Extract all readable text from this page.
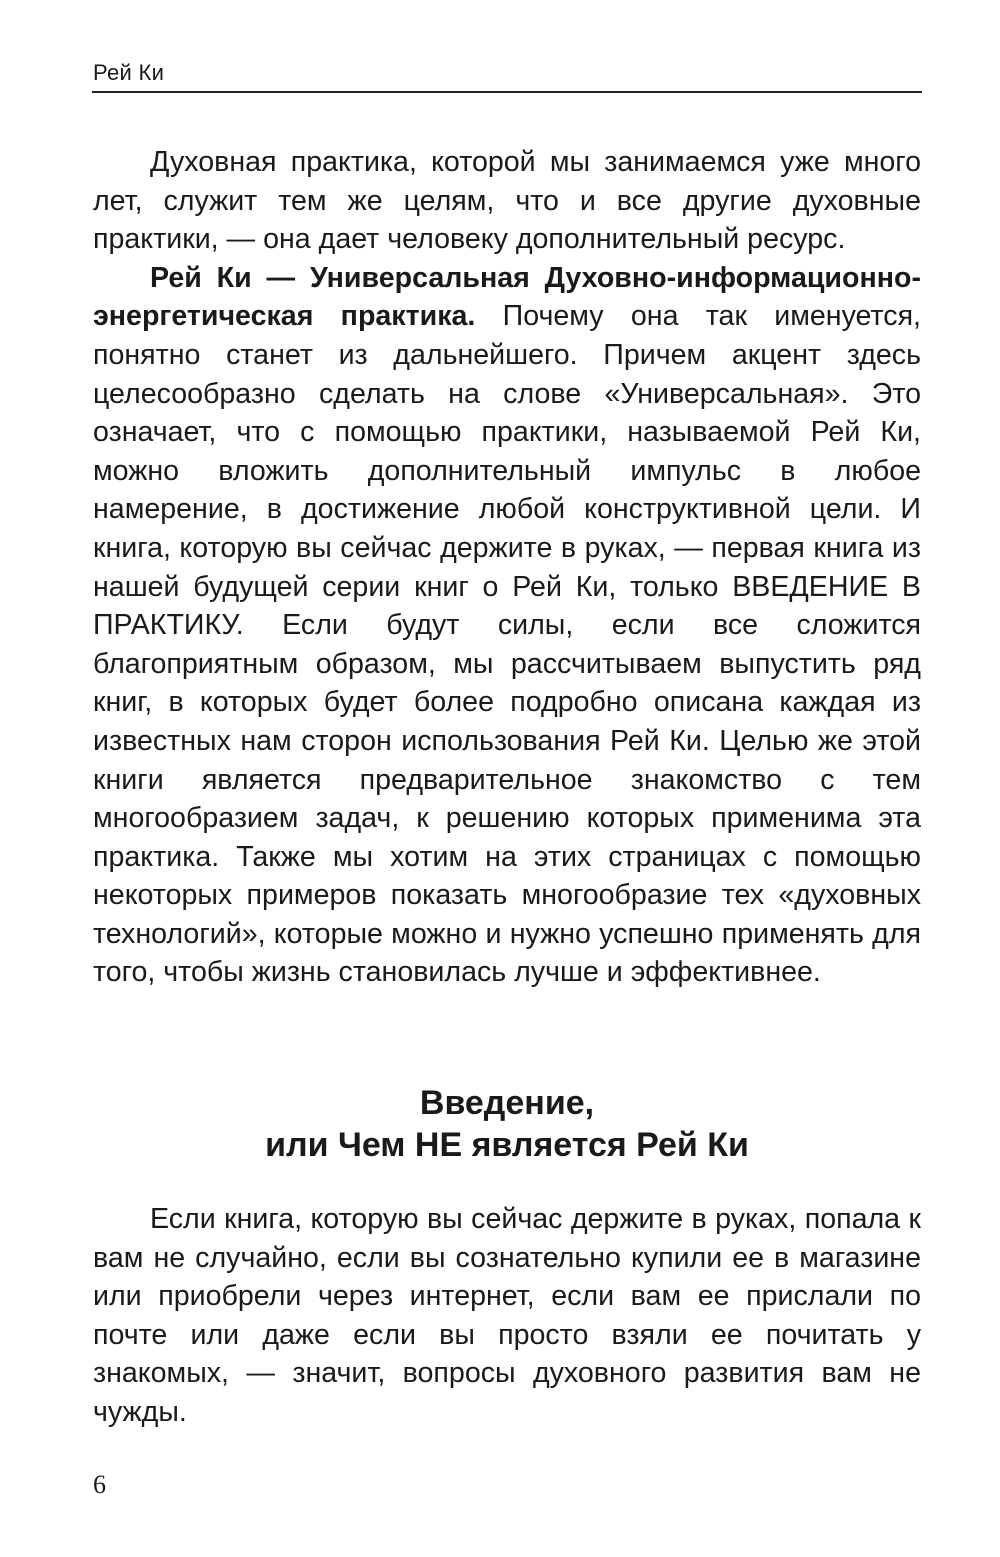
Рей Ки

Духовная практика, которой мы занимаемся уже много лет, служит тем же целям, что и все другие духовные практики, — она дает человеку дополнительный ресурс.

Рей Ки — Универсальная Духовно-информационно-энергетическая практика. Почему она так именуется, понятно станет из дальнейшего. Причем акцент здесь целесообразно сделать на слове «Универсальная». Это означает, что с помощью практики, называемой Рей Ки, можно вложить дополнительный импульс в любое намерение, в достижение любой конструктивной цели. И книга, которую вы сейчас держите в руках, — первая книга из нашей будущей серии книг о Рей Ки, только ВВЕДЕНИЕ В ПРАКТИКУ. Если будут силы, если все сложится благоприятным образом, мы рассчитываем выпустить ряд книг, в которых будет более подробно описана каждая из известных нам сторон использования Рей Ки. Целью же этой книги является предварительное знакомство с тем многообразием задач, к решению которых применима эта практика. Также мы хотим на этих страницах с помощью некоторых примеров показать многообразие тех «духовных технологий», которые можно и нужно успешно применять для того, чтобы жизнь становилась лучше и эффективнее.

Введение,
или Чем НЕ является Рей Ки

Если книга, которую вы сейчас держите в руках, попала к вам не случайно, если вы сознательно купили ее в магазине или приобрели через интернет, если вам ее прислали по почте или даже если вы просто взяли ее почитать у знакомых, — значит, вопросы духовного развития вам не чужды.

6
